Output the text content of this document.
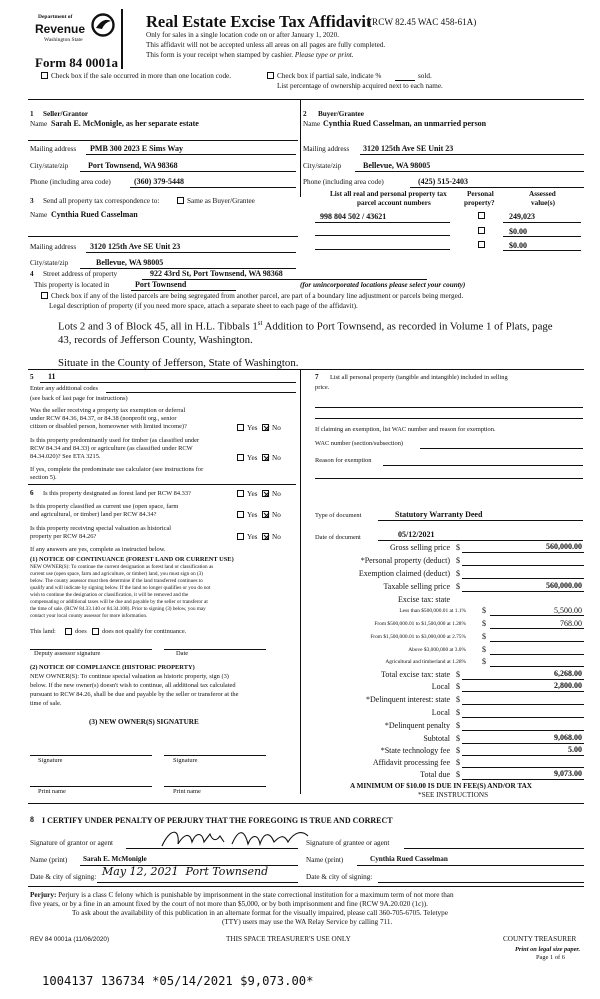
Department of
Revenue
Washington State
Real Estate Excise Tax Affidavit
(RCW 82.45 WAC 458-61A)
Only for sales in a single location code on or after January 1, 2020.
This affidavit will not be accepted unless all areas on all pages are fully completed.
This form is your receipt when stamped by cashier. Please type or print.
Form 84 0001a
Check box if the sale occurred in more than one location code.	Check box if partial sale, indicate %	sold.
List percentage of ownership acquired next to each name.
1 Seller/Grantor
Name Sarah E. McMonigle, as her separate estate
Mailing address PMB 300 2023 E Sims Way
City/state/zip Port Townsend, WA 98368
Phone (including area code)	(360) 379-5448
2 Buyer/Grantee
Name Cynthia Rued Casselman, an unmarried person
Mailing address 3120 125th Ave SE Unit 23
City/state/zip	Bellevue, WA 98005
Phone (including area code)	(425) 515-2403
3 Send all property tax correspondence to:	Same as Buyer/Grantee
Name Cynthia Rued Casselman
Mailing address 3120 125th Ave SE Unit 23
City/state/zip	Bellevue, WA 98005
List all real and personal property tax
parcel account numbers
Personal
property?
Assessed
value(s)
998 804 502 / 43621	249,023
$0.00
$0.00
4 Street address of property	922 43rd St, Port Townsend, WA 98368
This property is located in	Port Townsend	(for unincorporated locations please select your county)
Check box if any of the listed parcels are being segregated from another parcel, are part of a boundary line adjustment or parcels being merged.
Legal description of property (if you need more space, attach a separate sheet to each page of the affidavit).
Lots 2 and 3 of Block 45, all in H.L. Tibbals 1st Addition to Port Townsend, as recorded in Volume 1 of Plats, page
43, records of Jefferson County, Washington.
Situate in the County of Jefferson, State of Washington.
5 11
Enter any additional codes
(see back of last page for instructions)
Was the seller receiving a property tax exemption or deferral
under RCW 84.36, 84.37, or 84.38 (nonprofit org., senior
citizen or disabled person, homeowner with limited income)?	Yes No
Is this property predominantly used for timber (as classified under
RCW 84.34 and 84.33) or agriculture (as classified under RCW
84.34.020)? See ETA 3215.	Yes No
If yes, complete the predominate use calculator (see instructions for
section 5).
6 Is this property designated as forest land per RCW 84.33?	Yes No
Is this property classified as current use (open space, farm
and agricultural, or timber) land per RCW 84.34?	Yes No
Is this property receiving special valuation as historical
property per RCW 84.26?	Yes No
If any answers are yes, complete as instructed below.
(1) NOTICE OF CONTINUANCE (FOREST LAND OR CURRENT USE)
NEW OWNER(S): To continue the current designation as forest land or classification as
current use (open space, farm and agriculture, or timber) land, you must sign on (3)
below. The county assessor must then determine if the land transferred continues to
qualify and will indicate by signing below. If the land no longer qualifies or you do not
wish to continue the designation or classification, it will be removed and the
compensating or additional taxes will be due and payable by the seller or transferor at
the time of sale. (RCW 84.33.140 or 84.34.108). Prior to signing (3) below, you may
contact your local county assessor for more information.
This land:	does does not qualify for continuance.
Deputy assessor signature	Date
(2) NOTICE OF COMPLIANCE (HISTORIC PROPERTY)
NEW OWNER(S): To continue special valuation as historic property, sign (3)
below. If the new owner(s) doesn't wish to continue, all additional tax calculated
pursuant to RCW 84.26, shall be due and payable by the seller or transferor at the
time of sale.
(3) NEW OWNER(S) SIGNATURE
Signature	Signature
Print name	Print name
7 List all personal property (tangible and intangible) included in selling
price.
If claiming an exemption, list WAC number and reason for exemption.
WAC number (section/subsection)
Reason for exemption
Type of document	Statutory Warranty Deed
Date of document	05/12/2021
Gross selling price $	560,000.00
*Personal property (deduct) $
Exemption claimed (deduct) $
Taxable selling price $	560,000.00
Excise tax: state
Less than $500,000.01 at 1.1% $	5,500.00
From $500,000.01 to $1,500,000 at 1.28% $	768.00
From $1,500,000.01 to $3,000,000 at 2.75% $
Above $3,000,000 at 3.0% $
Agricultural and timberland at 1.28% $
Total excise tax: state $	6,268.00
Local $	2,800.00
*Delinquent interest: state $
Local $
*Delinquent penalty $
Subtotal $	9,068.00
*State technology fee $	5.00
Affidavit processing fee $
Total due $	9,073.00
A MINIMUM OF $10.00 IS DUE IN FEE(S) AND/OR TAX
*SEE INSTRUCTIONS
8 I CERTIFY UNDER PENALTY OF PERJURY THAT THE FOREGOING IS TRUE AND CORRECT
Signature of grantor or agent	Signature of grantee or agent
Name (print) Sarah E. McMonigle	Name (print)	Cynthia Rued Casselman
Date & city of signing: May 12, 2021 Port Townsend	Date & city of signing:
Perjury: Perjury is a class C felony which is punishable by imprisonment in the state correctional institution for a maximum term of not more than
five years, or by a fine in an amount fixed by the court of not more than $5,000, or by both imprisonment and fine (RCW 9A.20.020 (1c)).
To ask about the availability of this publication in an alternate format for the visually impaired, please call 360-705-6705. Teletype
(TTY) users may use the WA Relay Service by calling 711.
REV 84 0001a (11/06/2020)	THIS SPACE TREASURER'S USE ONLY	COUNTY TREASURER
Print on legal size paper.
Page 1 of 6
1004137 136734 *05/14/2021 $9,073.00*
